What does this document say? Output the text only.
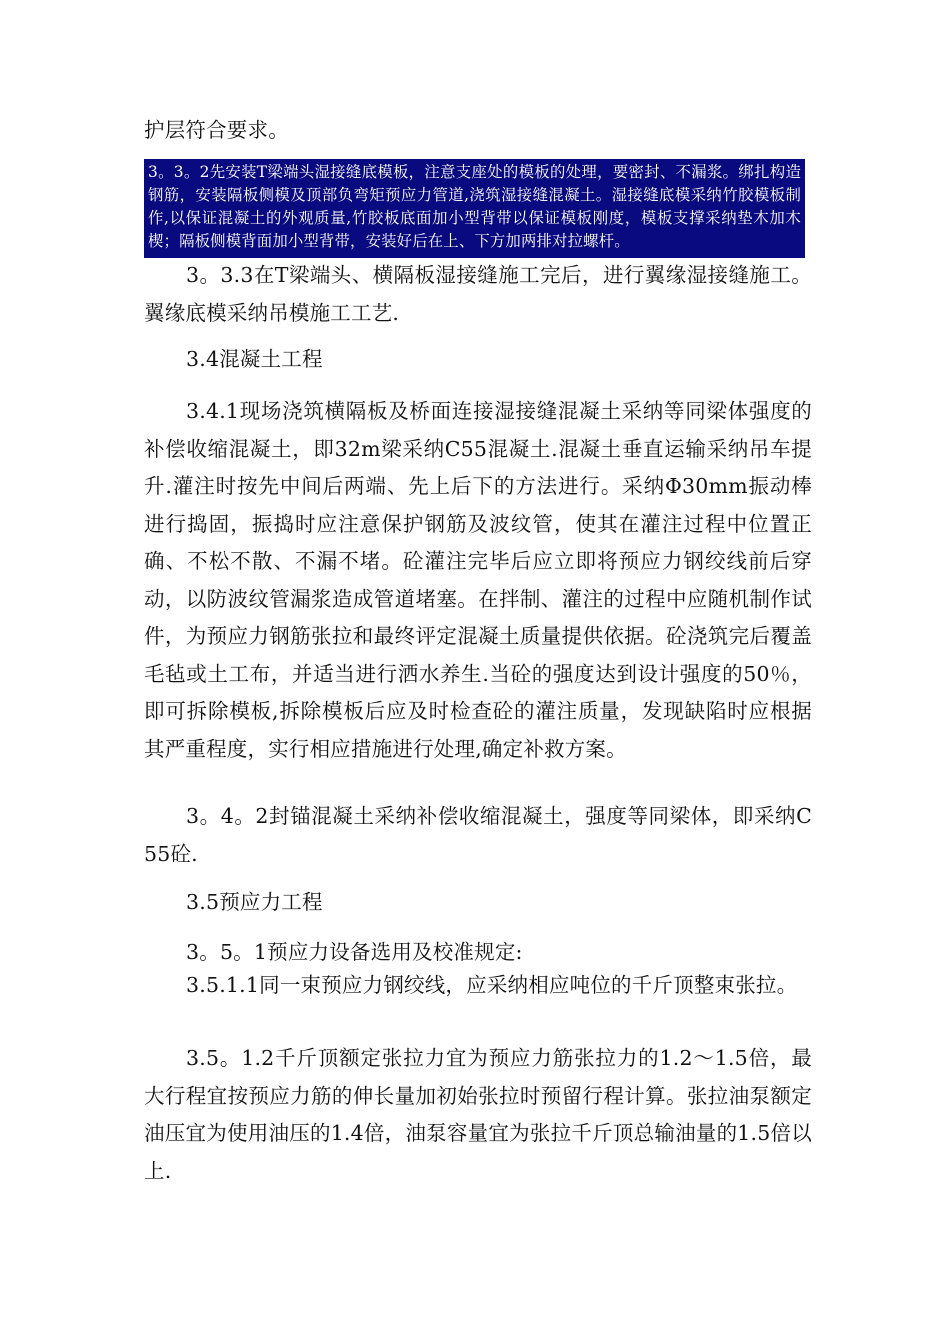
护层符合要求。

3。3。2先安装T梁端头湿接缝底模板，注意支座处的模板的处理，要密封、不漏浆。绑扎构造钢筋，安装隔板侧模及顶部负弯矩预应力管道,浇筑湿接缝混凝土。湿接缝底模采纳竹胶模板制作,以保证混凝土的外观质量,竹胶板底面加小型背带以保证模板刚度，模板支撑采纳垫木加木楔；隔板侧模背面加小型背带，安装好后在上、下方加两排对拉螺杆。

3。3.3在T梁端头、横隔板湿接缝施工完后，进行翼缘湿接缝施工。翼缘底模采纳吊模施工工艺.

3.4混凝土工程

3.4.1现场浇筑横隔板及桥面连接湿接缝混凝土采纳等同梁体强度的补偿收缩混凝土，即32m梁采纳C55混凝土.混凝土垂直运输采纳吊车提升.灌注时按先中间后两端、先上后下的方法进行。采纳Φ30mm振动棒进行捣固，振捣时应注意保护钢筋及波纹管，使其在灌注过程中位置正确、不松不散、不漏不堵。砼灌注完毕后应立即将预应力钢绞线前后穿动，以防波纹管漏浆造成管道堵塞。在拌制、灌注的过程中应随机制作试件，为预应力钢筋张拉和最终评定混凝土质量提供依据。砼浇筑完后覆盖毛毡或土工布，并适当进行洒水养生.当砼的强度达到设计强度的50％，即可拆除模板,拆除模板后应及时检查砼的灌注质量，发现缺陷时应根据其严重程度，实行相应措施进行处理,确定补救方案。

3。4。2封锚混凝土采纳补偿收缩混凝土，强度等同梁体，即采纳C55砼.

3.5预应力工程

3。5。1预应力设备选用及校准规定:

3.5.1.1同一束预应力钢绞线，应采纳相应吨位的千斤顶整束张拉。

3.5。1.2千斤顶额定张拉力宜为预应力筋张拉力的1.2～1.5倍，最大行程宜按预应力筋的伸长量加初始张拉时预留行程计算。张拉油泵额定油压宜为使用油压的1.4倍，油泵容量宜为张拉千斤顶总输油量的1.5倍以上.
